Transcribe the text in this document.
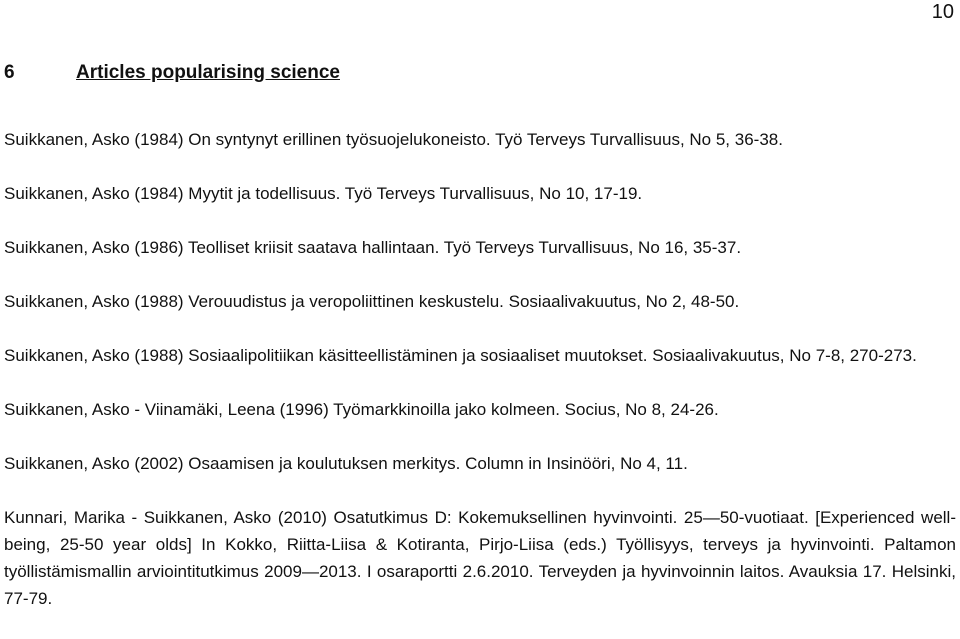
10
6	Articles popularising science

Suikkanen, Asko (1984) On syntynyt erillinen työsuojelukoneisto. Työ Terveys Turvallisuus, No 5, 36-38.

Suikkanen, Asko (1984) Myytit ja todellisuus. Työ Terveys Turvallisuus, No 10, 17-19.

Suikkanen, Asko (1986) Teolliset kriisit saatava hallintaan. Työ Terveys Turvallisuus, No 16, 35-37.

Suikkanen, Asko (1988) Verouudistus ja veropoliittinen keskustelu. Sosiaalivakuutus, No 2, 48-50.

Suikkanen, Asko (1988) Sosiaalipolitiikan käsitteellistäminen ja sosiaaliset muutokset. Sosiaalivakuutus, No 7-8, 270-273.

Suikkanen, Asko - Viinamäki, Leena (1996) Työmarkkinoilla jako kolmeen. Socius, No 8, 24-26.

Suikkanen, Asko (2002) Osaamisen ja koulutuksen merkitys. Column in Insinööri, No 4, 11.

Kunnari, Marika - Suikkanen, Asko (2010) Osatutkimus D: Kokemuksellinen hyvinvointi. 25—50-vuotiaat. [Experienced well-being, 25-50 year olds] In Kokko, Riitta-Liisa & Kotiranta, Pirjo-Liisa (eds.) Työllisyys, terveys ja hyvinvointi. Paltamon työllistämismallin arviointitutkimus 2009—2013. I osaraportti 2.6.2010. Terveyden ja hyvinvoinnin laitos. Avauksia 17. Helsinki, 77-79.
